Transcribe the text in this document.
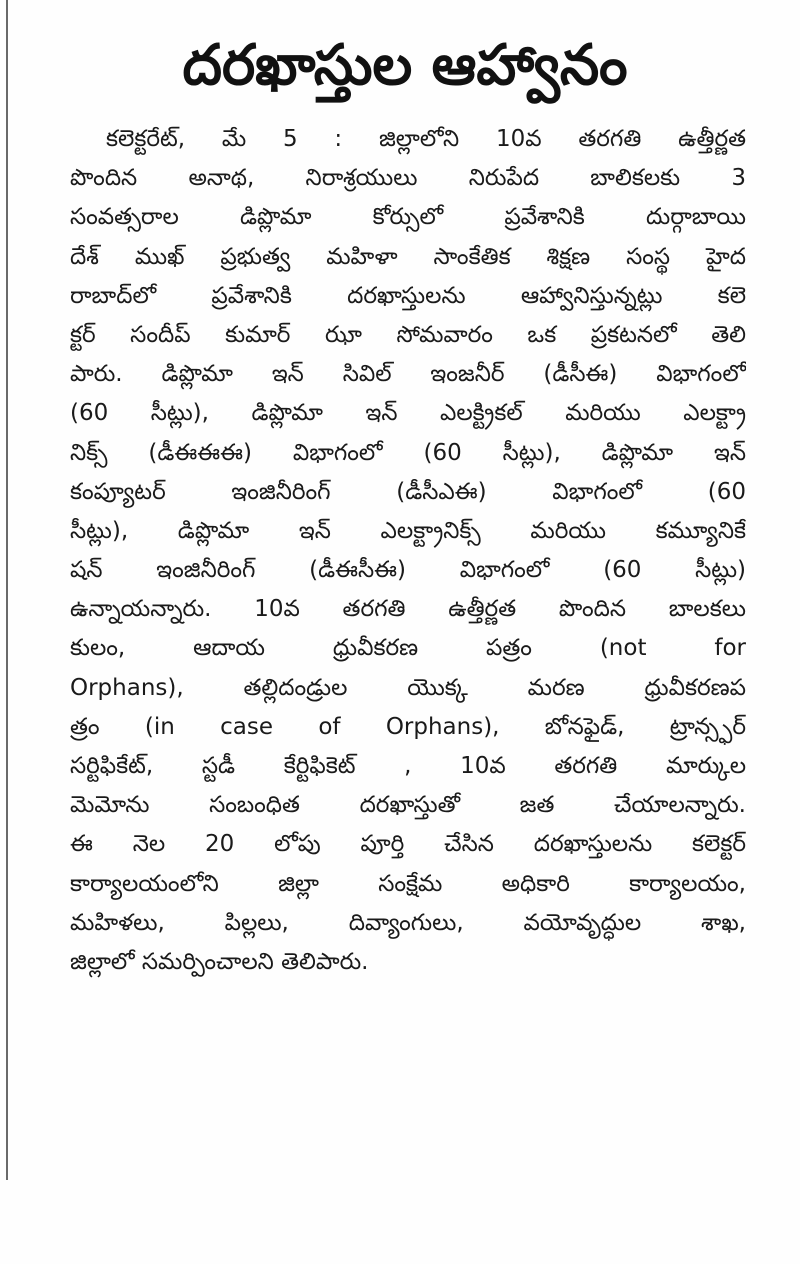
దరఖాస్తుల ఆహ్వానం
కలెక్టరేట్, మే 5 : జిల్లాలోని 10వ తరగతి ఉత్తీర్ణత
పొందిన అనాథ, నిరాశ్రయులు నిరుపేద బాలికలకు 3
సంవత్సరాల డిప్లొమా కోర్సులో ప్రవేశానికి దుర్గాబాయి
దేశ్ ముఖ్ ప్రభుత్వ మహిళా సాంకేతిక శిక్షణ సంస్థ హైద
రాబాద్‌లో ప్రవేశానికి దరఖాస్తులను ఆహ్వానిస్తున్నట్లు కలె
క్టర్ సందీప్ కుమార్ ఝా సోమవారం ఒక ప్రకటనలో తెలి
పారు. డిప్లొమా ఇన్ సివిల్ ఇంజనీర్ (డీసీఈ) విభాగంలో
(60 సీట్లు), డిప్లొమా ఇన్ ఎలక్ట్రికల్ మరియు ఎలక్ట్రా
నిక్స్ (డీఈఈఈ) విభాగంలో (60 సీట్లు), డిప్లొమా ఇన్
కంప్యూటర్ ఇంజినీరింగ్ (డీసీఎఈ) విభాగంలో (60
సీట్లు), డిప్లొమా ఇన్ ఎలక్ట్రానిక్స్ మరియు కమ్యూనికే
షన్ ఇంజినీరింగ్ (డీఈసీఈ) విభాగంలో (60 సీట్లు)
ఉన్నాయన్నారు. 10వ తరగతి ఉత్తీర్ణత పొందిన బాలకలు
కులం, ఆదాయ ధ్రువీకరణ పత్రం (not for
Orphans), తల్లిదండ్రుల యొక్క మరణ ధ్రువీకరణప
త్రం (in case of Orphans), బోనఫైడ్, ట్రాన్స్ఫర్
సర్టిఫికేట్, స్టడీ కేర్టిఫికెట్ , 10వ తరగతి మార్కుల
మెమోను సంబంధిత దరఖాస్తుతో జత చేయాలన్నారు.
ఈ నెల 20 లోపు పూర్తి చేసిన దరఖాస్తులను కలెక్టర్
కార్యాలయంలోని జిల్లా సంక్షేమ అధికారి కార్యాలయం,
మహిళలు, పిల్లలు, దివ్యాంగులు, వయోవృద్ధుల శాఖ,
జిల్లాలో సమర్పించాలని తెలిపారు.
